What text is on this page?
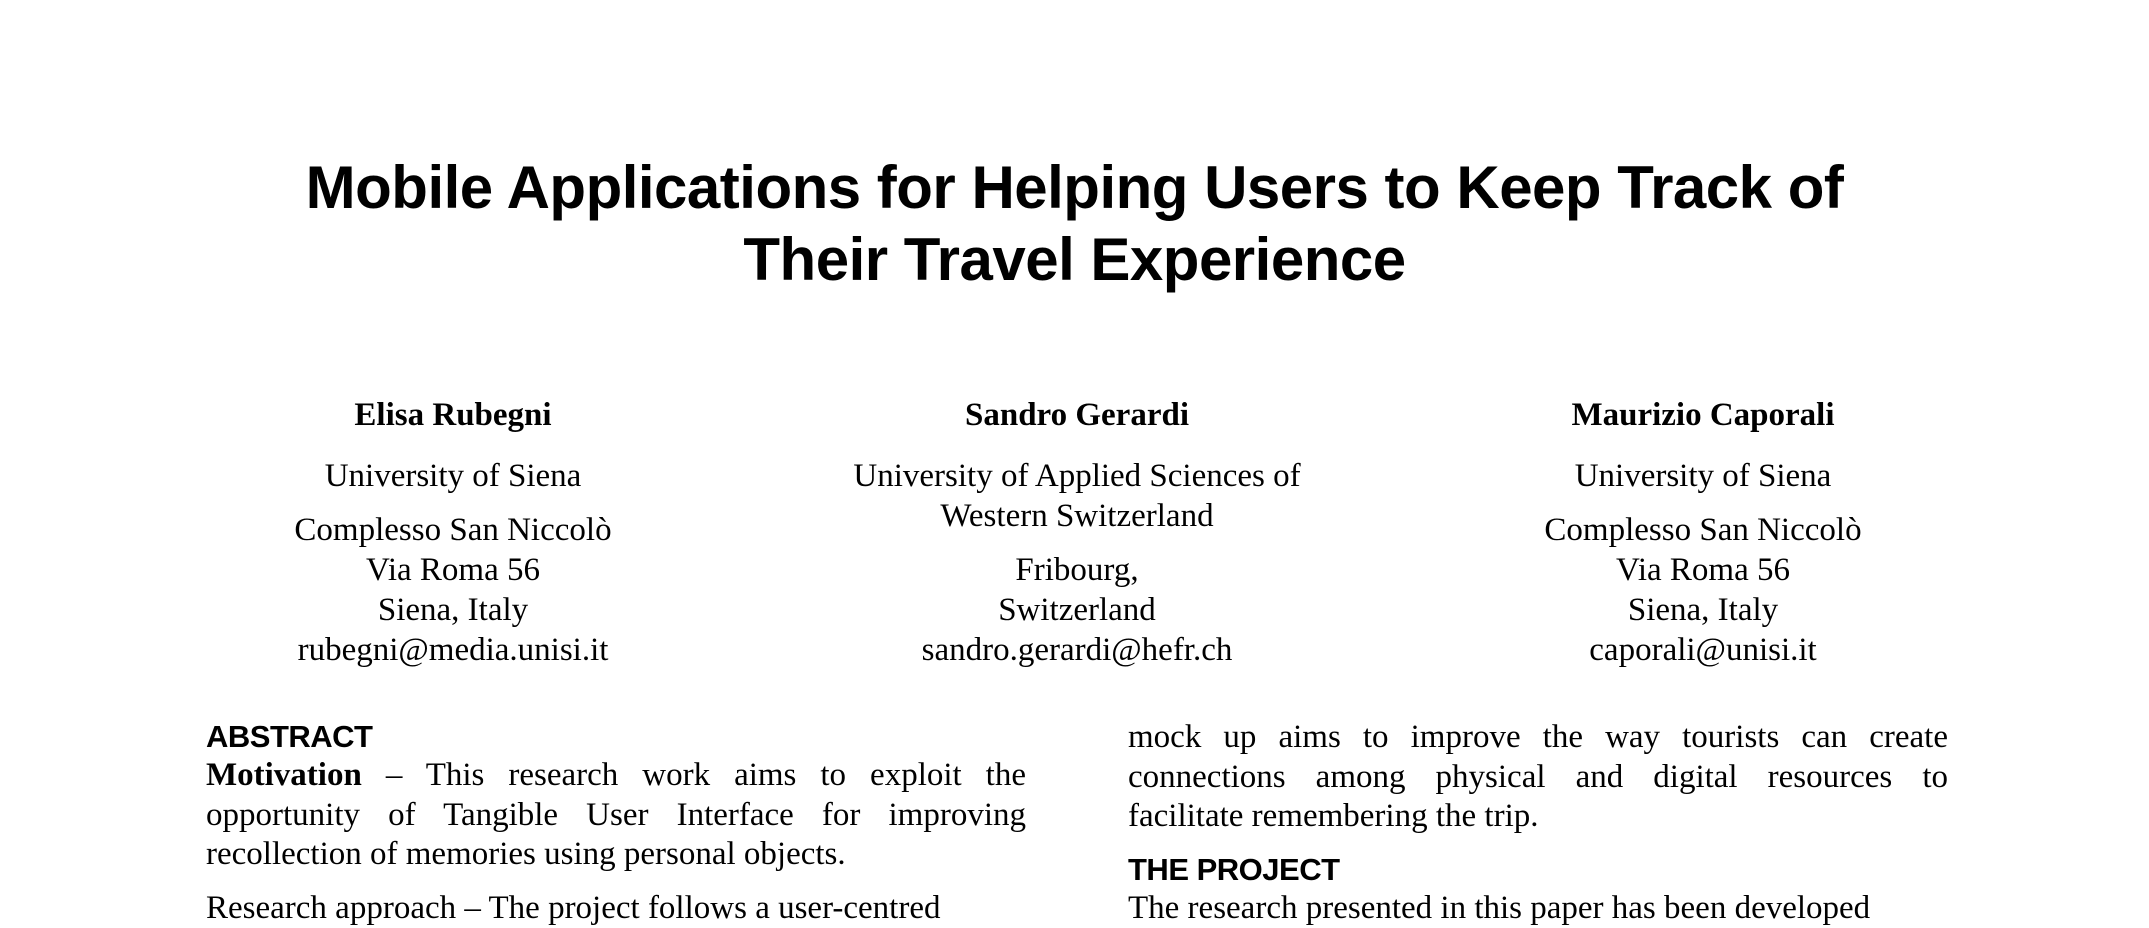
Mobile Applications for Helping Users to Keep Track of
Their Travel Experience
Elisa Rubegni
University of Siena
Complesso San Niccolò
Via Roma 56
Siena, Italy
rubegni@media.unisi.it
Sandro Gerardi
University of Applied Sciences of
Western Switzerland
Fribourg,
Switzerland
sandro.gerardi@hefr.ch
Maurizio Caporali
University of Siena
Complesso San Niccolò
Via Roma 56
Siena, Italy
caporali@unisi.it
ABSTRACT
Motivation – This research work aims to exploit the
opportunity of Tangible User Interface for improving
recollection of memories using personal objects.
Research approach – The project follows a user-centred
mock up aims to improve the way tourists can create
connections among physical and digital resources to
facilitate remembering the trip.
THE PROJECT
The research presented in this paper has been developed
